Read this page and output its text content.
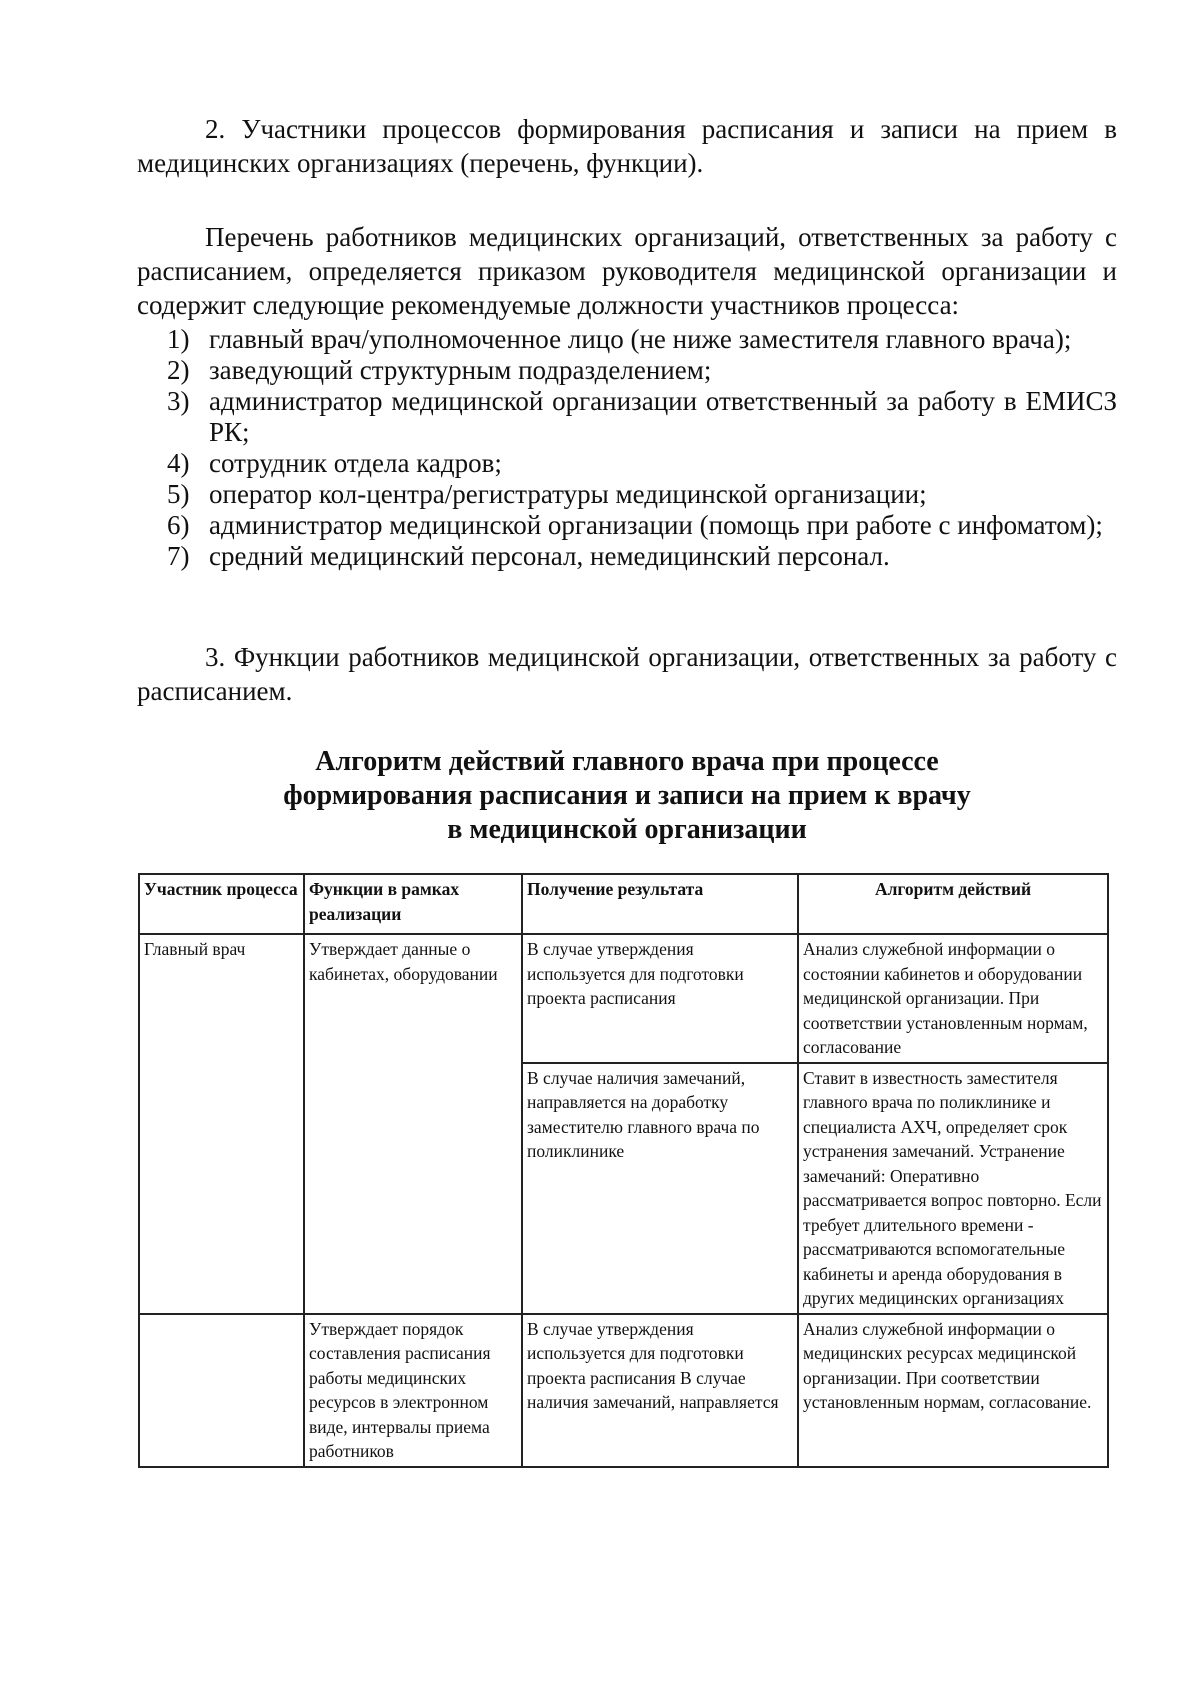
2. Участники процессов формирования расписания и записи на прием в медицинских организациях (перечень, функции).

Перечень работников медицинских организаций, ответственных за работу с расписанием, определяется приказом руководителя медицинской организации и содержит следующие рекомендуемые должности участников процесса:

1) главный врач/уполномоченное лицо (не ниже заместителя главного врача);
2) заведующий структурным подразделением;
3) администратор медицинской организации ответственный за работу в ЕМИСЗ РК;
4) сотрудник отдела кадров;
5) оператор кол-центра/регистратуры медицинской организации;
6) администратор медицинской организации (помощь при работе с инфоматом);
7) средний медицинский персонал, немедицинский персонал.

3. Функции работников медицинской организации, ответственных за работу с расписанием.

Алгоритм действий главного врача при процессе
формирования расписания и записи на прием к врачу
в медицинской организации
Участник процесса	Функции в рамках реализации	Получение результата	Алгоритм действий
Главный врач	Утверждает данные о кабинетах, оборудовании	В случае утверждения используется для подготовки проекта расписания	Анализ служебной информации о состоянии кабинетов и оборудовании медицинской организации. При соответствии установленным нормам, согласование
		В случае наличия замечаний, направляется на доработку заместителю главного врача по поликлинике	Ставит в известность заместителя главного врача по поликлинике и специалиста АХЧ, определяет срок устранения замечаний. Устранение замечаний: Оперативно рассматривается вопрос повторно. Если требует длительного времени - рассматриваются вспомогательные кабинеты и аренда оборудования в других медицинских организациях
	Утверждает порядок составления расписания работы медицинских ресурсов в электронном виде, интервалы приема работников	В случае утверждения используется для подготовки проекта расписания В случае наличия замечаний, направляется	Анализ служебной информации о медицинских ресурсах медицинской организации. При соответствии установленным нормам, согласование.
